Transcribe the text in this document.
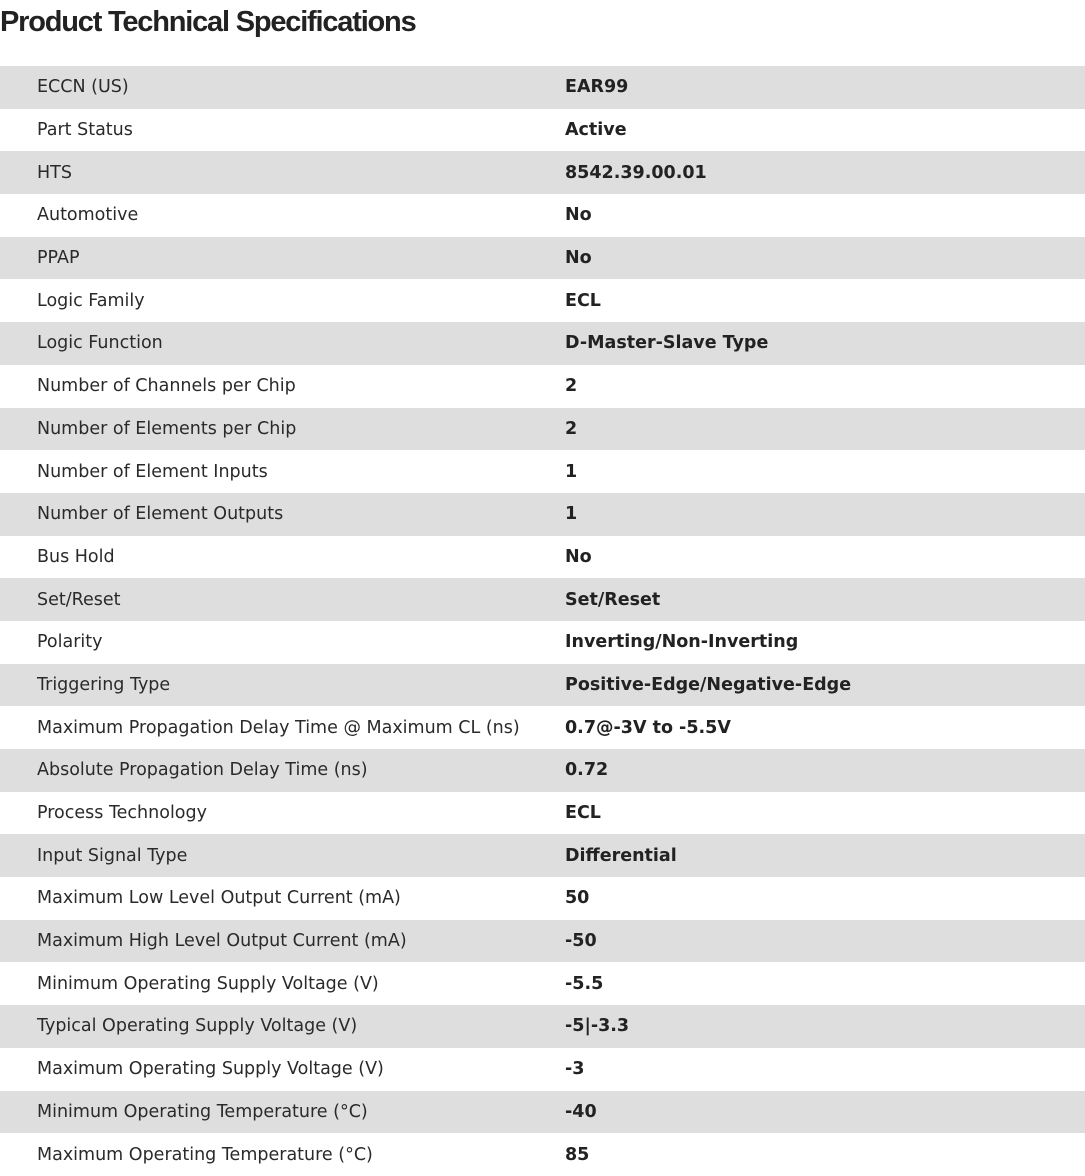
Product Technical Specifications
ECCN (US)	EAR99
Part Status	Active
HTS	8542.39.00.01
Automotive	No
PPAP	No
Logic Family	ECL
Logic Function	D-Master-Slave Type
Number of Channels per Chip	2
Number of Elements per Chip	2
Number of Element Inputs	1
Number of Element Outputs	1
Bus Hold	No
Set/Reset	Set/Reset
Polarity	Inverting/Non-Inverting
Triggering Type	Positive-Edge/Negative-Edge
Maximum Propagation Delay Time @ Maximum CL (ns)	0.7@-3V to -5.5V
Absolute Propagation Delay Time (ns)	0.72
Process Technology	ECL
Input Signal Type	Differential
Maximum Low Level Output Current (mA)	50
Maximum High Level Output Current (mA)	-50
Minimum Operating Supply Voltage (V)	-5.5
Typical Operating Supply Voltage (V)	-5|-3.3
Maximum Operating Supply Voltage (V)	-3
Minimum Operating Temperature (°C)	-40
Maximum Operating Temperature (°C)	85
